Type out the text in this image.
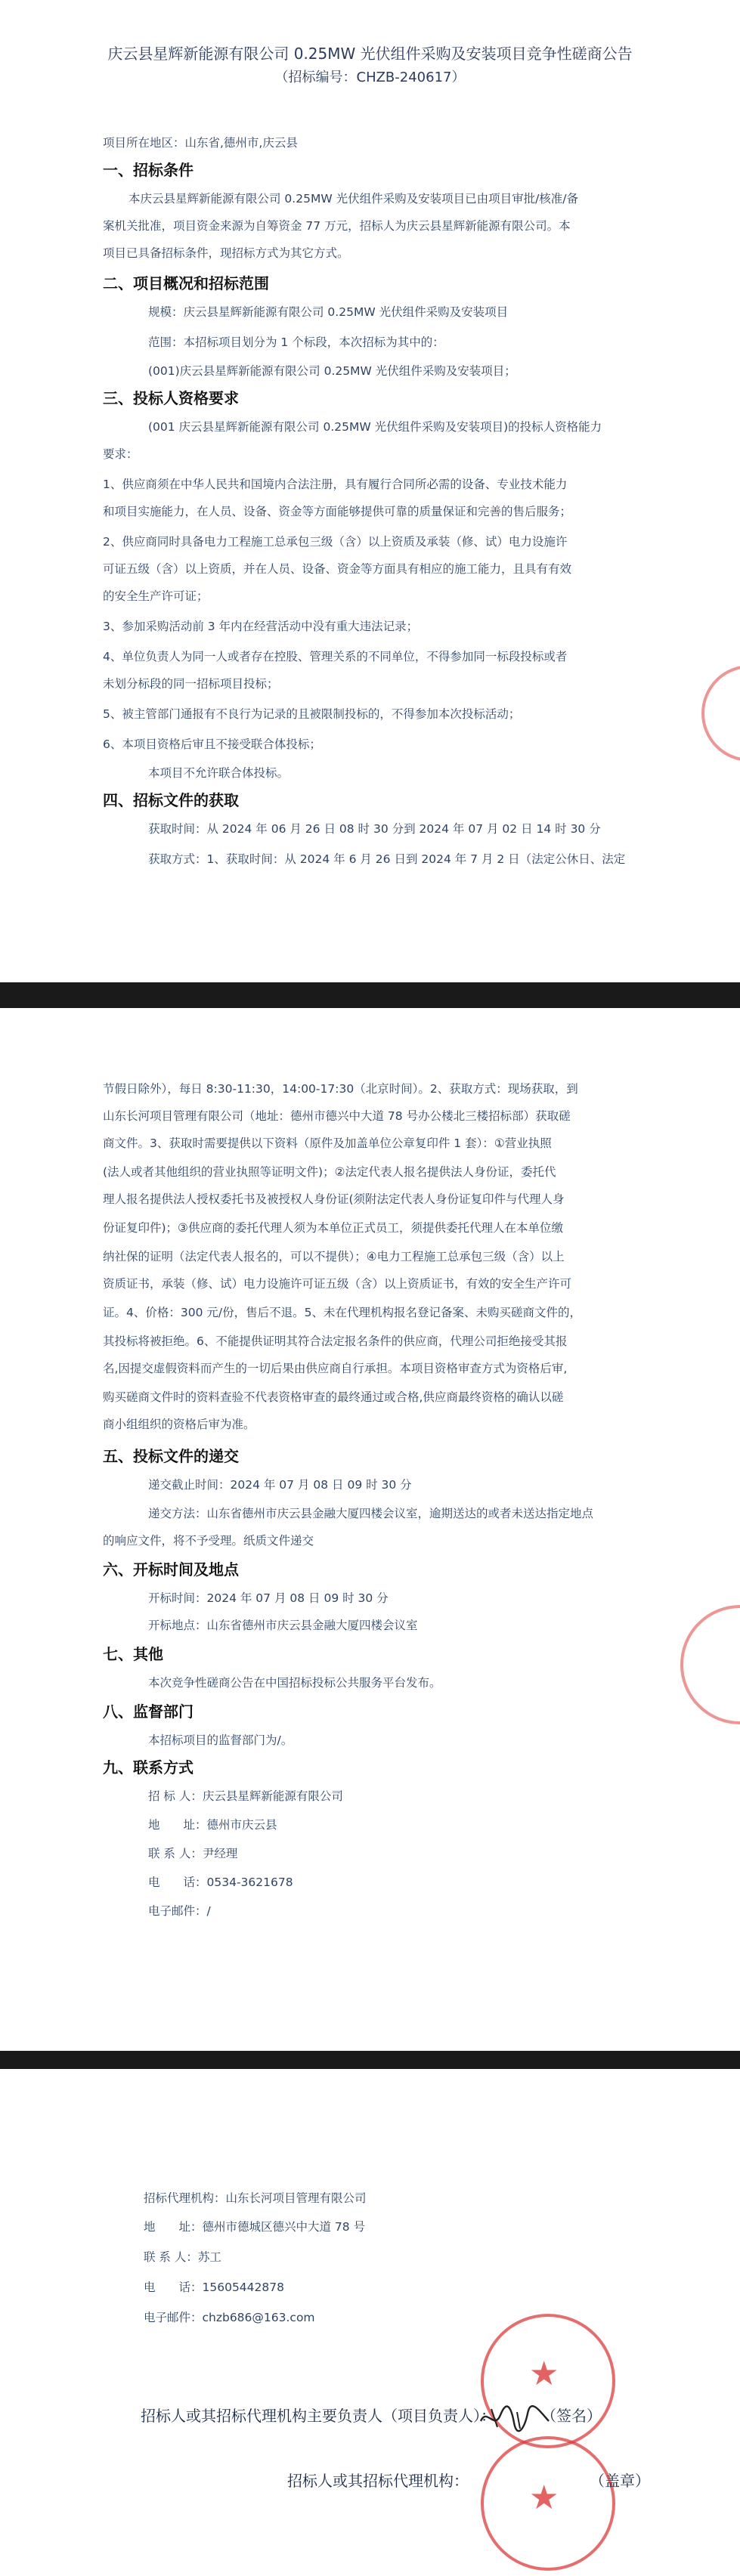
庆云县星辉新能源有限公司 0.25MW 光伏组件采购及安装项目竞争性磋商公告
（招标编号：CHZB-240617）
项目所在地区：山东省,德州市,庆云县
一、招标条件
本庆云县星辉新能源有限公司 0.25MW 光伏组件采购及安装项目已由项目审批/核准/备
案机关批准，项目资金来源为自筹资金 77 万元，招标人为庆云县星辉新能源有限公司。本
项目已具备招标条件，现招标方式为其它方式。
二、项目概况和招标范围
规模：庆云县星辉新能源有限公司 0.25MW 光伏组件采购及安装项目
范围：本招标项目划分为 1 个标段，本次招标为其中的：
(001)庆云县星辉新能源有限公司 0.25MW 光伏组件采购及安装项目；
三、投标人资格要求
(001 庆云县星辉新能源有限公司 0.25MW 光伏组件采购及安装项目)的投标人资格能力
要求：
1、供应商须在中华人民共和国境内合法注册，具有履行合同所必需的设备、专业技术能力
和项目实施能力，在人员、设备、资金等方面能够提供可靠的质量保证和完善的售后服务；
2、供应商同时具备电力工程施工总承包三级（含）以上资质及承装（修、试）电力设施许
可证五级（含）以上资质，并在人员、设备、资金等方面具有相应的施工能力，且具有有效
的安全生产许可证；
3、参加采购活动前 3 年内在经营活动中没有重大违法记录；
4、单位负责人为同一人或者存在控股、管理关系的不同单位，不得参加同一标段投标或者
未划分标段的同一招标项目投标；
5、被主管部门通报有不良行为记录的且被限制投标的，不得参加本次投标活动；
6、本项目资格后审且不接受联合体投标；
本项目不允许联合体投标。
四、招标文件的获取
获取时间：从 2024 年 06 月 26 日 08 时 30 分到 2024 年 07 月 02 日 14 时 30 分
获取方式：1、获取时间：从 2024 年 6 月 26 日到 2024 年 7 月 2 日（法定公休日、法定
节假日除外），每日 8:30-11:30，14:00-17:30（北京时间）。2、获取方式：现场获取，到
山东长河项目管理有限公司（地址：德州市德兴中大道 78 号办公楼北三楼招标部）获取磋
商文件。3、获取时需要提供以下资料（原件及加盖单位公章复印件 1 套）：①营业执照
(法人或者其他组织的营业执照等证明文件)；②法定代表人报名提供法人身份证，委托代
理人报名提供法人授权委托书及被授权人身份证(须附法定代表人身份证复印件与代理人身
份证复印件)；③供应商的委托代理人须为本单位正式员工，须提供委托代理人在本单位缴
纳社保的证明（法定代表人报名的，可以不提供）；④电力工程施工总承包三级（含）以上
资质证书，承装（修、试）电力设施许可证五级（含）以上资质证书，有效的安全生产许可
证。4、价格：300 元/份，售后不退。5、未在代理机构报名登记备案、未购买磋商文件的，
其投标将被拒绝。6、不能提供证明其符合法定报名条件的供应商，代理公司拒绝接受其报
名,因提交虚假资料而产生的一切后果由供应商自行承担。本项目资格审查方式为资格后审,
购买磋商文件时的资料查验不代表资格审查的最终通过或合格,供应商最终资格的确认以磋
商小组组织的资格后审为准。
五、投标文件的递交
递交截止时间：2024 年 07 月 08 日 09 时 30 分
递交方法：山东省德州市庆云县金融大厦四楼会议室，逾期送达的或者未送达指定地点
的响应文件，将不予受理。纸质文件递交
六、开标时间及地点
开标时间：2024 年 07 月 08 日 09 时 30 分
开标地点：山东省德州市庆云县金融大厦四楼会议室
七、其他
本次竞争性磋商公告在中国招标投标公共服务平台发布。
八、监督部门
本招标项目的监督部门为/。
九、联系方式
招 标 人：庆云县星辉新能源有限公司
地　　址：德州市庆云县
联 系 人：尹经理
电　　话：0534-3621678
电子邮件：/
招标代理机构：山东长河项目管理有限公司
地　　址：德州市德城区德兴中大道 78 号
联 系 人：苏工
电　　话：15605442878
电子邮件：chzb686@163.com
★
招标人或其招标代理机构主要负责人（项目负责人）：　　　　（签名）
★
招标人或其招标代理机构：　　　　　　　　　（盖章）
